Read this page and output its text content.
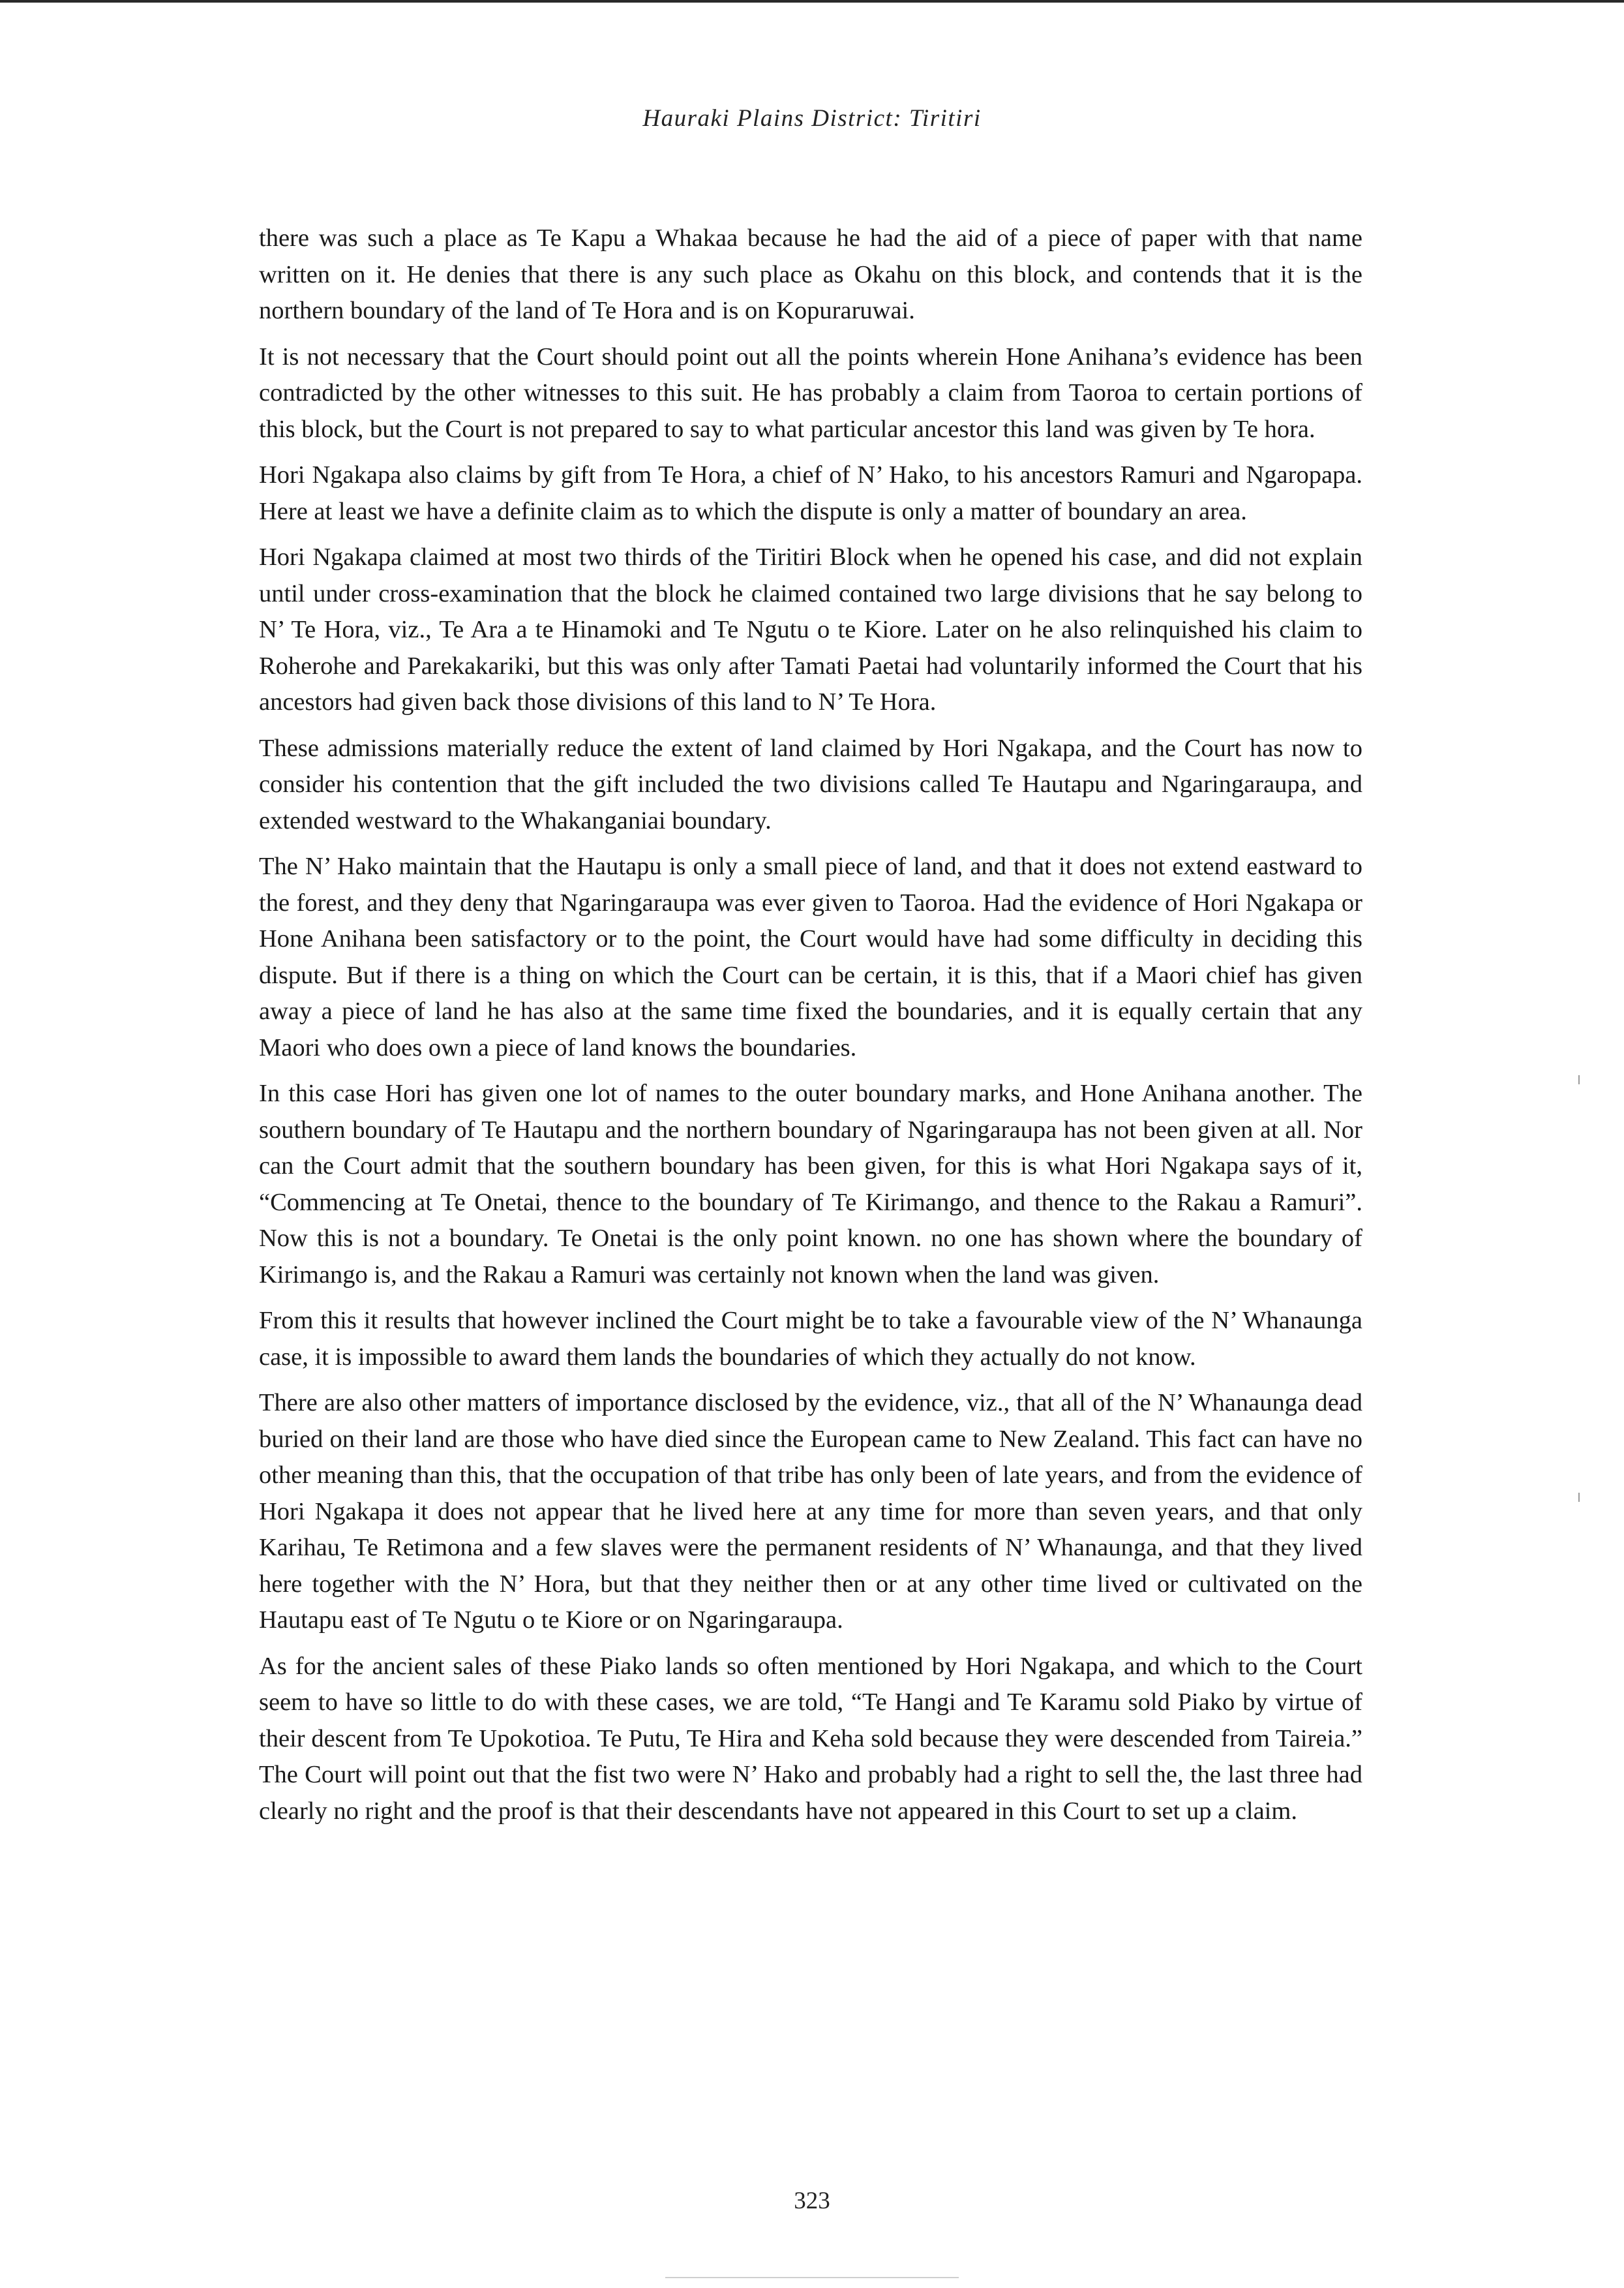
Hauraki Plains District: Tiritiri

there was such a place as Te Kapu a Whakaa because he had the aid of a piece of paper with that name written on it. He denies that there is any such place as Okahu on this block, and contends that it is the northern boundary of the land of Te Hora and is on Kopuraruwai.

It is not necessary that the Court should point out all the points wherein Hone Anihana’s evidence has been contradicted by the other witnesses to this suit. He has probably a claim from Taoroa to certain portions of this block, but the Court is not prepared to say to what particular ancestor this land was given by Te hora.

Hori Ngakapa also claims by gift from Te Hora, a chief of N’ Hako, to his ancestors Ramuri and Ngaropapa. Here at least we have a definite claim as to which the dispute is only a matter of boundary an area.

Hori Ngakapa claimed at most two thirds of the Tiritiri Block when he opened his case, and did not explain until under cross-examination that the block he claimed contained two large divisions that he say belong to N’ Te Hora, viz., Te Ara a te Hinamoki and Te Ngutu o te Kiore. Later on he also relinquished his claim to Roherohe and Parekakariki, but this was only after Tamati Paetai had voluntarily informed the Court that his ancestors had given back those divisions of this land to N’ Te Hora.

These admissions materially reduce the extent of land claimed by Hori Ngakapa, and the Court has now to consider his contention that the gift included the two divisions called Te Hautapu and Ngaringaraupa, and extended westward to the Whakanganiai boundary.

The N’ Hako maintain that the Hautapu is only a small piece of land, and that it does not extend eastward to the forest, and they deny that Ngaringaraupa was ever given to Taoroa. Had the evidence of Hori Ngakapa or Hone Anihana been satisfactory or to the point, the Court would have had some difficulty in deciding this dispute. But if there is a thing on which the Court can be certain, it is this, that if a Maori chief has given away a piece of land he has also at the same time fixed the boundaries, and it is equally certain that any Maori who does own a piece of land knows the boundaries.

In this case Hori has given one lot of names to the outer boundary marks, and Hone Anihana another. The southern boundary of Te Hautapu and the northern boundary of Ngaringaraupa has not been given at all. Nor can the Court admit that the southern boundary has been given, for this is what Hori Ngakapa says of it, “Commencing at Te Onetai, thence to the boundary of Te Kirimango, and thence to the Rakau a Ramuri”. Now this is not a boundary. Te Onetai is the only point known. no one has shown where the boundary of Kirimango is, and the Rakau a Ramuri was certainly not known when the land was given.

From this it results that however inclined the Court might be to take a favourable view of the N’ Whanaunga case, it is impossible to award them lands the boundaries of which they actually do not know.

There are also other matters of importance disclosed by the evidence, viz., that all of the N’ Whanaunga dead buried on their land are those who have died since the European came to New Zealand. This fact can have no other meaning than this, that the occupation of that tribe has only been of late years, and from the evidence of Hori Ngakapa it does not appear that he lived here at any time for more than seven years, and that only Karihau, Te Retimona and a few slaves were the permanent residents of N’ Whanaunga, and that they lived here together with the N’ Hora, but that they neither then or at any other time lived or cultivated on the Hautapu east of Te Ngutu o te Kiore or on Ngaringaraupa.

As for the ancient sales of these Piako lands so often mentioned by Hori Ngakapa, and which to the Court seem to have so little to do with these cases, we are told, “Te Hangi and Te Karamu sold Piako by virtue of their descent from Te Upokotioa. Te Putu, Te Hira and Keha sold because they were descended from Taireia.” The Court will point out that the fist two were N’ Hako and probably had a right to sell the, the last three had clearly no right and the proof is that their descendants have not appeared in this Court to set up a claim.

323
